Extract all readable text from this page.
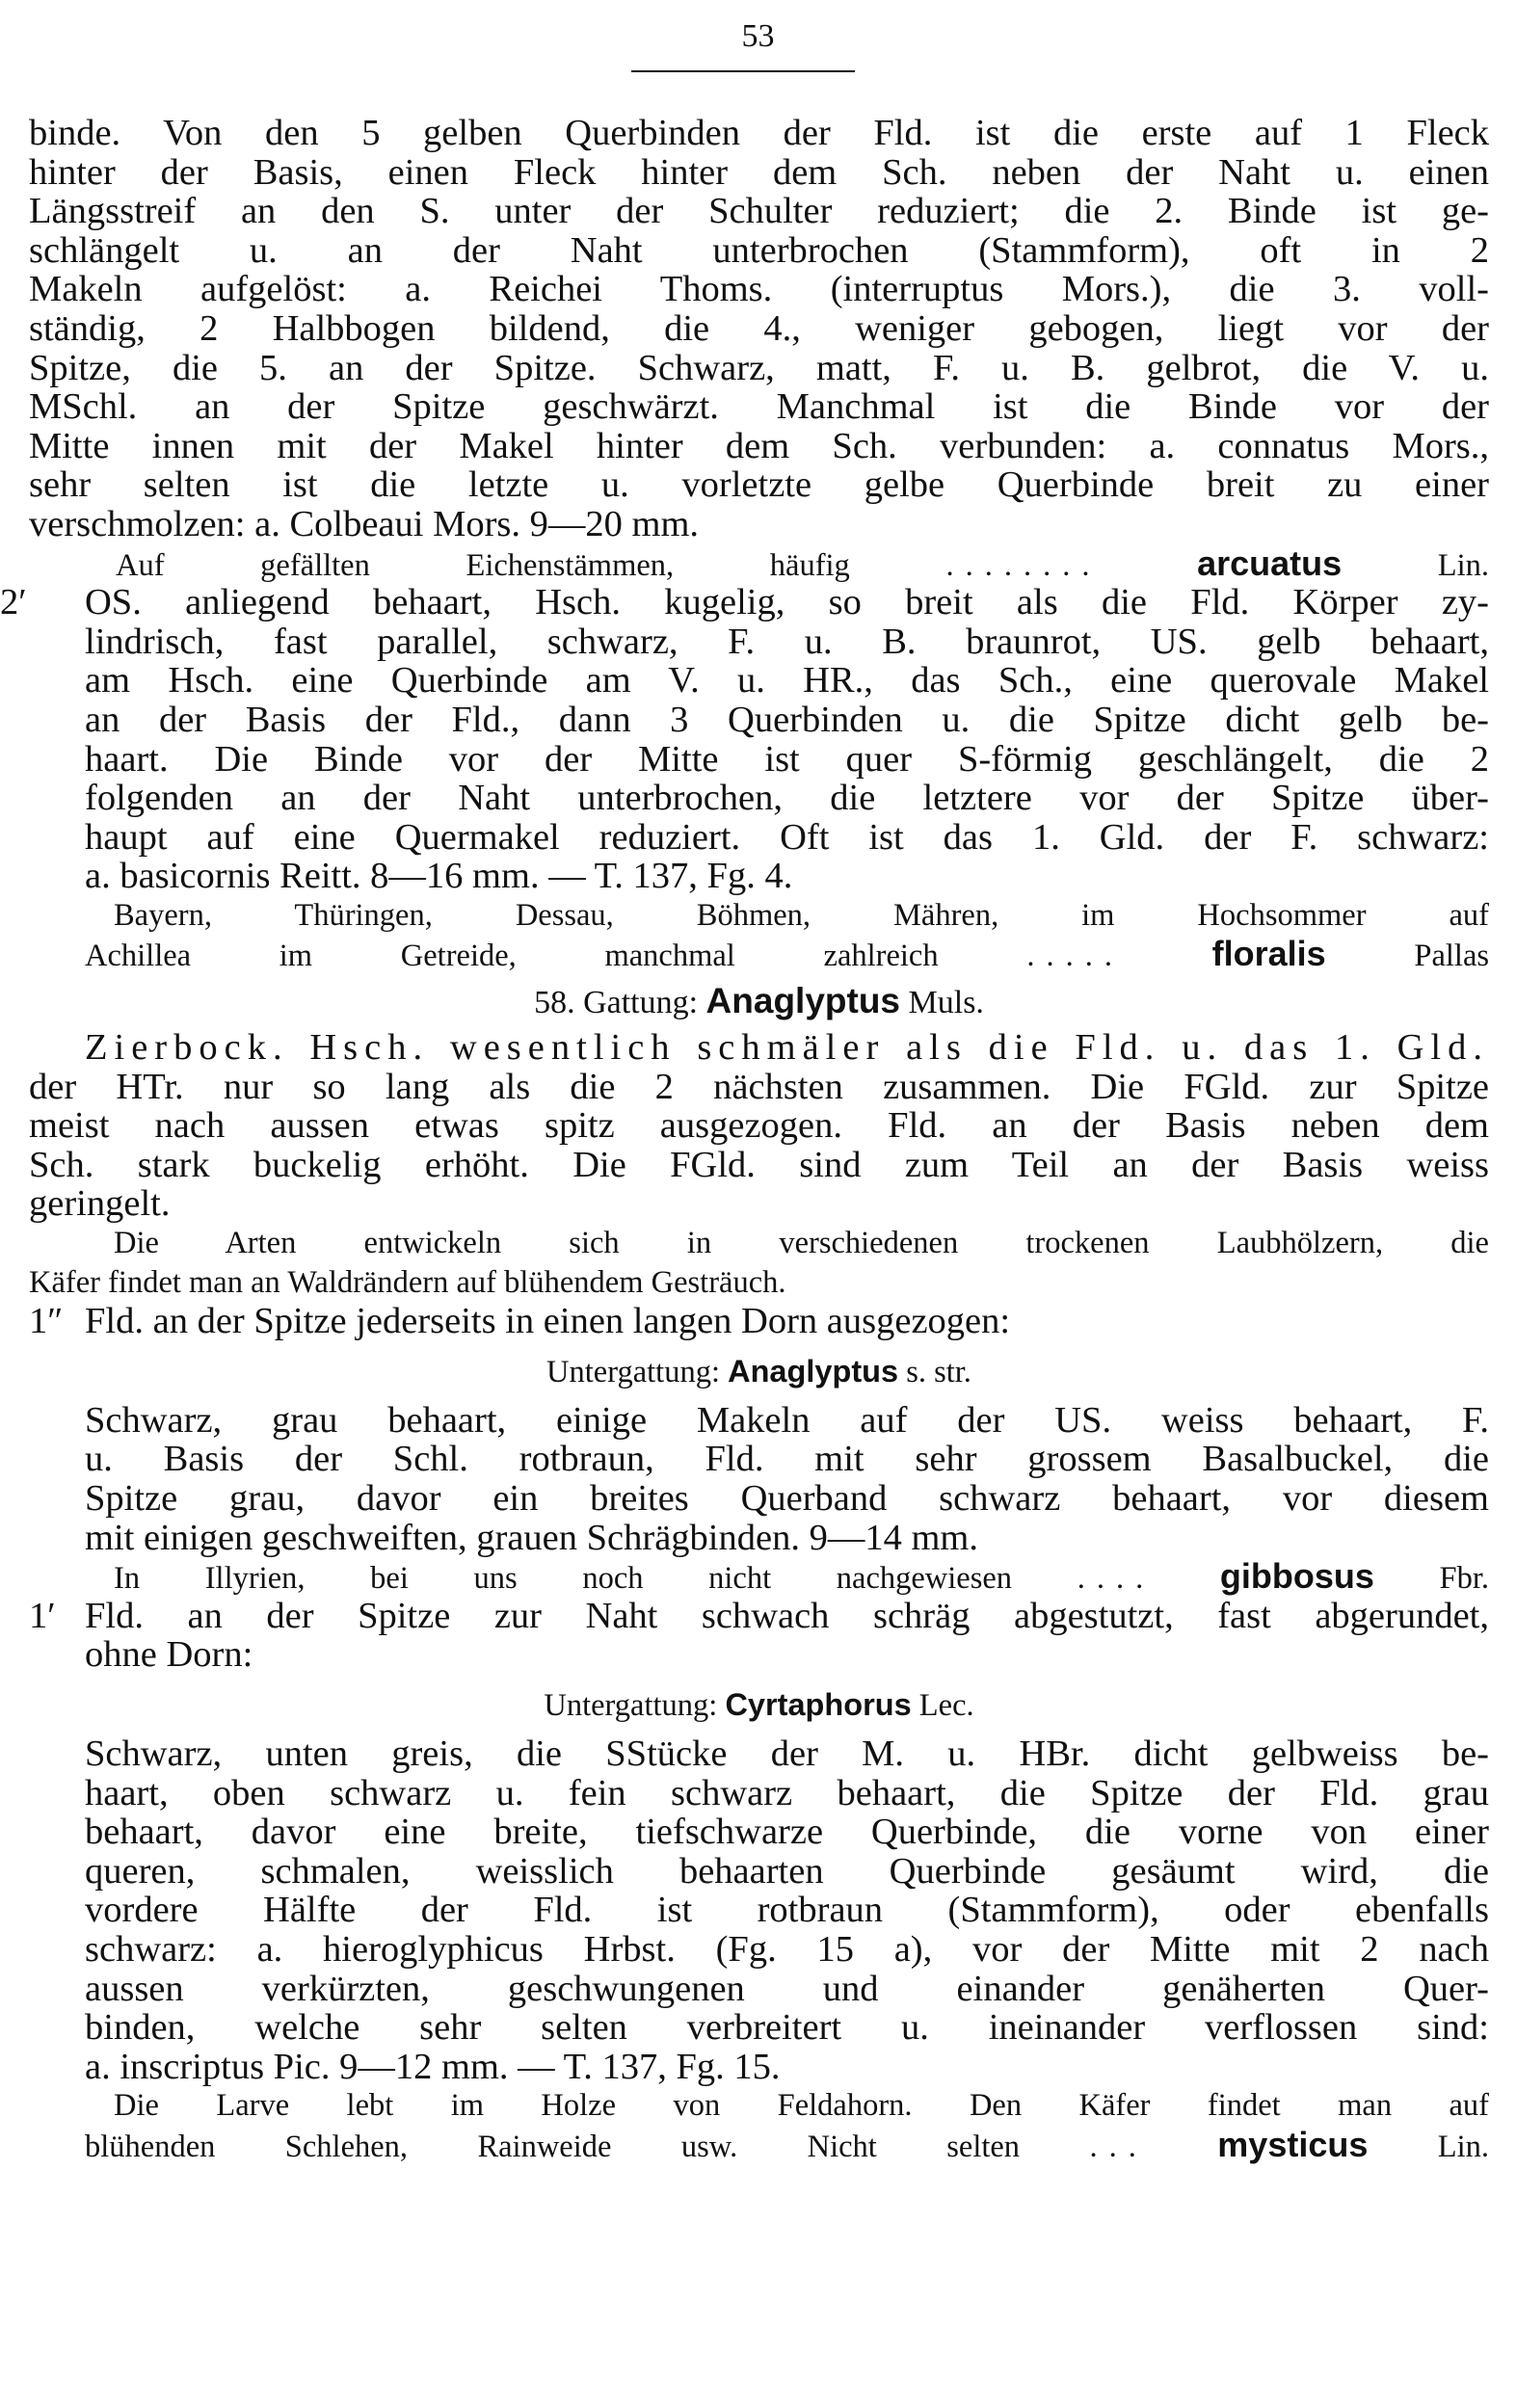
53
binde. Von den 5 gelben Querbinden der Fld. ist die erste auf 1 Fleck
hinter der Basis, einen Fleck hinter dem Sch. neben der Naht u. einen
Längsstreif an den S. unter der Schulter reduziert; die 2. Binde ist ge-
schlängelt u. an der Naht unterbrochen (Stammform), oft in 2
Makeln aufgelöst: a. Reichei Thoms. (interruptus Mors.), die 3. voll-
ständig, 2 Halbbogen bildend, die 4., weniger gebogen, liegt vor der
Spitze, die 5. an der Spitze. Schwarz, matt, F. u. B. gelbrot, die V. u.
MSchl. an der Spitze geschwärzt. Manchmal ist die Binde vor der
Mitte innen mit der Makel hinter dem Sch. verbunden: a. connatus Mors.,
sehr selten ist die letzte u. vorletzte gelbe Querbinde breit zu einer
verschmolzen: a. Colbeaui Mors. 9—20 mm.
Auf gefällten Eichenstämmen, häufig	........	arcuatus	Lin.
2′	OS. anliegend behaart, Hsch. kugelig, so breit als die Fld. Körper zy-
lindrisch, fast parallel, schwarz, F. u. B. braunrot, US. gelb behaart,
am Hsch. eine Querbinde am V. u. HR., das Sch., eine querovale Makel
an der Basis der Fld., dann 3 Querbinden u. die Spitze dicht gelb be-
haart. Die Binde vor der Mitte ist quer S-förmig geschlängelt, die 2
folgenden an der Naht unterbrochen, die letztere vor der Spitze über-
haupt auf eine Quermakel reduziert. Oft ist das 1. Gld. der F. schwarz:
a. basicornis Reitt. 8—16 mm. — T. 137, Fg. 4.
Bayern, Thüringen, Dessau, Böhmen, Mähren, im Hochsommer auf
Achillea im Getreide, manchmal zahlreich	.....	floralis	Pallas
58. Gattung: Anaglyptus Muls.
Zierbock. Hsch. wesentlich schmäler als die Fld. u. das 1. Gld.
der HTr. nur so lang als die 2 nächsten zusammen. Die FGld. zur Spitze
meist nach aussen etwas spitz ausgezogen. Fld. an der Basis neben dem
Sch. stark buckelig erhöht. Die FGld. sind zum Teil an der Basis weiss
geringelt.
Die Arten entwickeln sich in verschiedenen trockenen Laubhölzern, die
Käfer findet man an Waldrändern auf blühendem Gesträuch.
1″ Fld. an der Spitze jederseits in einen langen Dorn ausgezogen:
Untergattung: Anaglyptus s. str.
Schwarz, grau behaart, einige Makeln auf der US. weiss behaart, F.
u. Basis der Schl. rotbraun, Fld. mit sehr grossem Basalbuckel, die
Spitze grau, davor ein breites Querband schwarz behaart, vor diesem
mit einigen geschweiften, grauen Schrägbinden. 9—14 mm.
In Illyrien, bei uns noch nicht nachgewiesen .... gibbosus Fbr.
1′ Fld. an der Spitze zur Naht schwach schräg abgestutzt, fast abgerundet,
ohne Dorn:
Untergattung: Cyrtaphorus Lec.
Schwarz, unten greis, die SStücke der M. u. HBr. dicht gelbweiss be-
haart, oben schwarz u. fein schwarz behaart, die Spitze der Fld. grau
behaart, davor eine breite, tiefschwarze Querbinde, die vorne von einer
queren, schmalen, weisslich behaarten Querbinde gesäumt wird, die
vordere Hälfte der Fld. ist rotbraun (Stammform), oder ebenfalls
schwarz: a. hieroglyphicus Hrbst. (Fg. 15 a), vor der Mitte mit 2 nach
aussen verkürzten, geschwungenen und einander genäherten Quer-
binden, welche sehr selten verbreitert u. ineinander verflossen sind:
a. inscriptus Pic. 9—12 mm. — T. 137, Fg. 15.
Die Larve lebt im Holze von Feldahorn. Den Käfer findet man auf
blühenden Schlehen, Rainweide usw. Nicht selten ... mysticus Lin.
